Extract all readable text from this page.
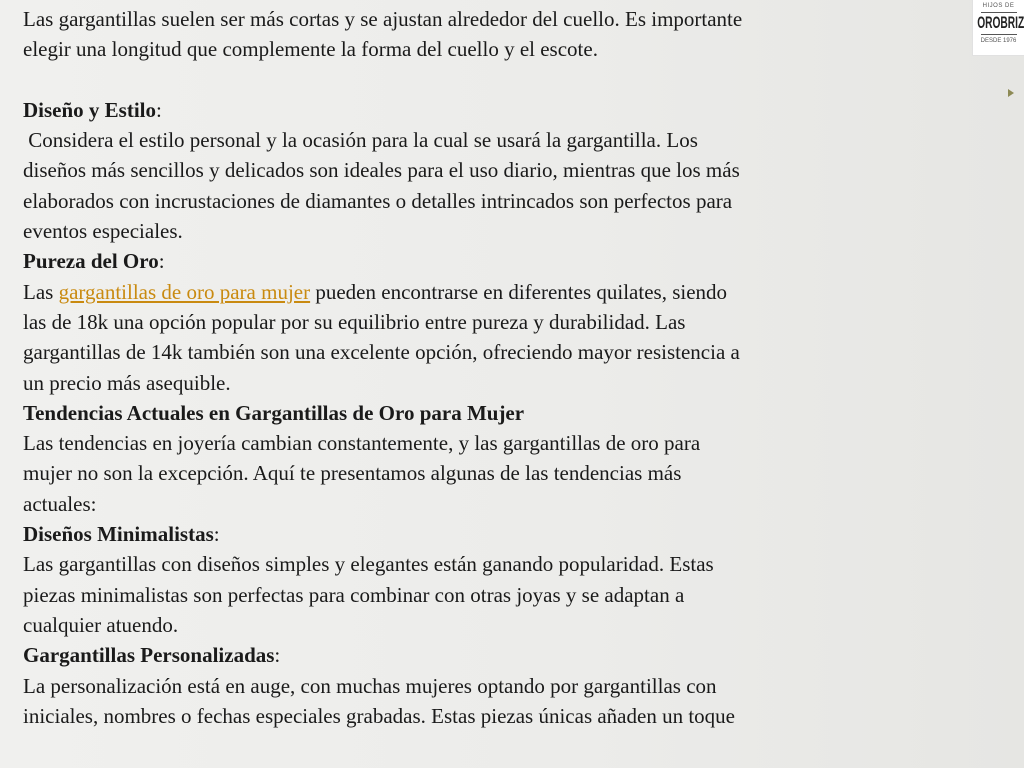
Las gargantillas suelen ser más cortas y se ajustan alrededor del cuello. Es importante

elegir una longitud que complemente la forma del cuello y el escote.

Diseño y Estilo:

Considera el estilo personal y la ocasión para la cual se usará la gargantilla. Los

diseños más sencillos y delicados son ideales para el uso diario, mientras que los más

elaborados con incrustaciones de diamantes o detalles intrincados son perfectos para

eventos especiales.

Pureza del Oro:

Las gargantillas de oro para mujer pueden encontrarse en diferentes quilates, siendo

las de 18k una opción popular por su equilibrio entre pureza y durabilidad. Las

gargantillas de 14k también son una excelente opción, ofreciendo mayor resistencia a

un precio más asequible.

Tendencias Actuales en Gargantillas de Oro para Mujer

Las tendencias en joyería cambian constantemente, y las gargantillas de oro para

mujer no son la excepción. Aquí te presentamos algunas de las tendencias más

actuales:

Diseños Minimalistas:

Las gargantillas con diseños simples y elegantes están ganando popularidad. Estas

piezas minimalistas son perfectas para combinar con otras joyas y se adaptan a

cualquier atuendo.

Gargantillas Personalizadas:

La personalización está en auge, con muchas mujeres optando por gargantillas con

iniciales, nombres o fechas especiales grabadas. Estas piezas únicas añaden un toque

HIJOS DE
OROBRIZ
DESDE 1976
